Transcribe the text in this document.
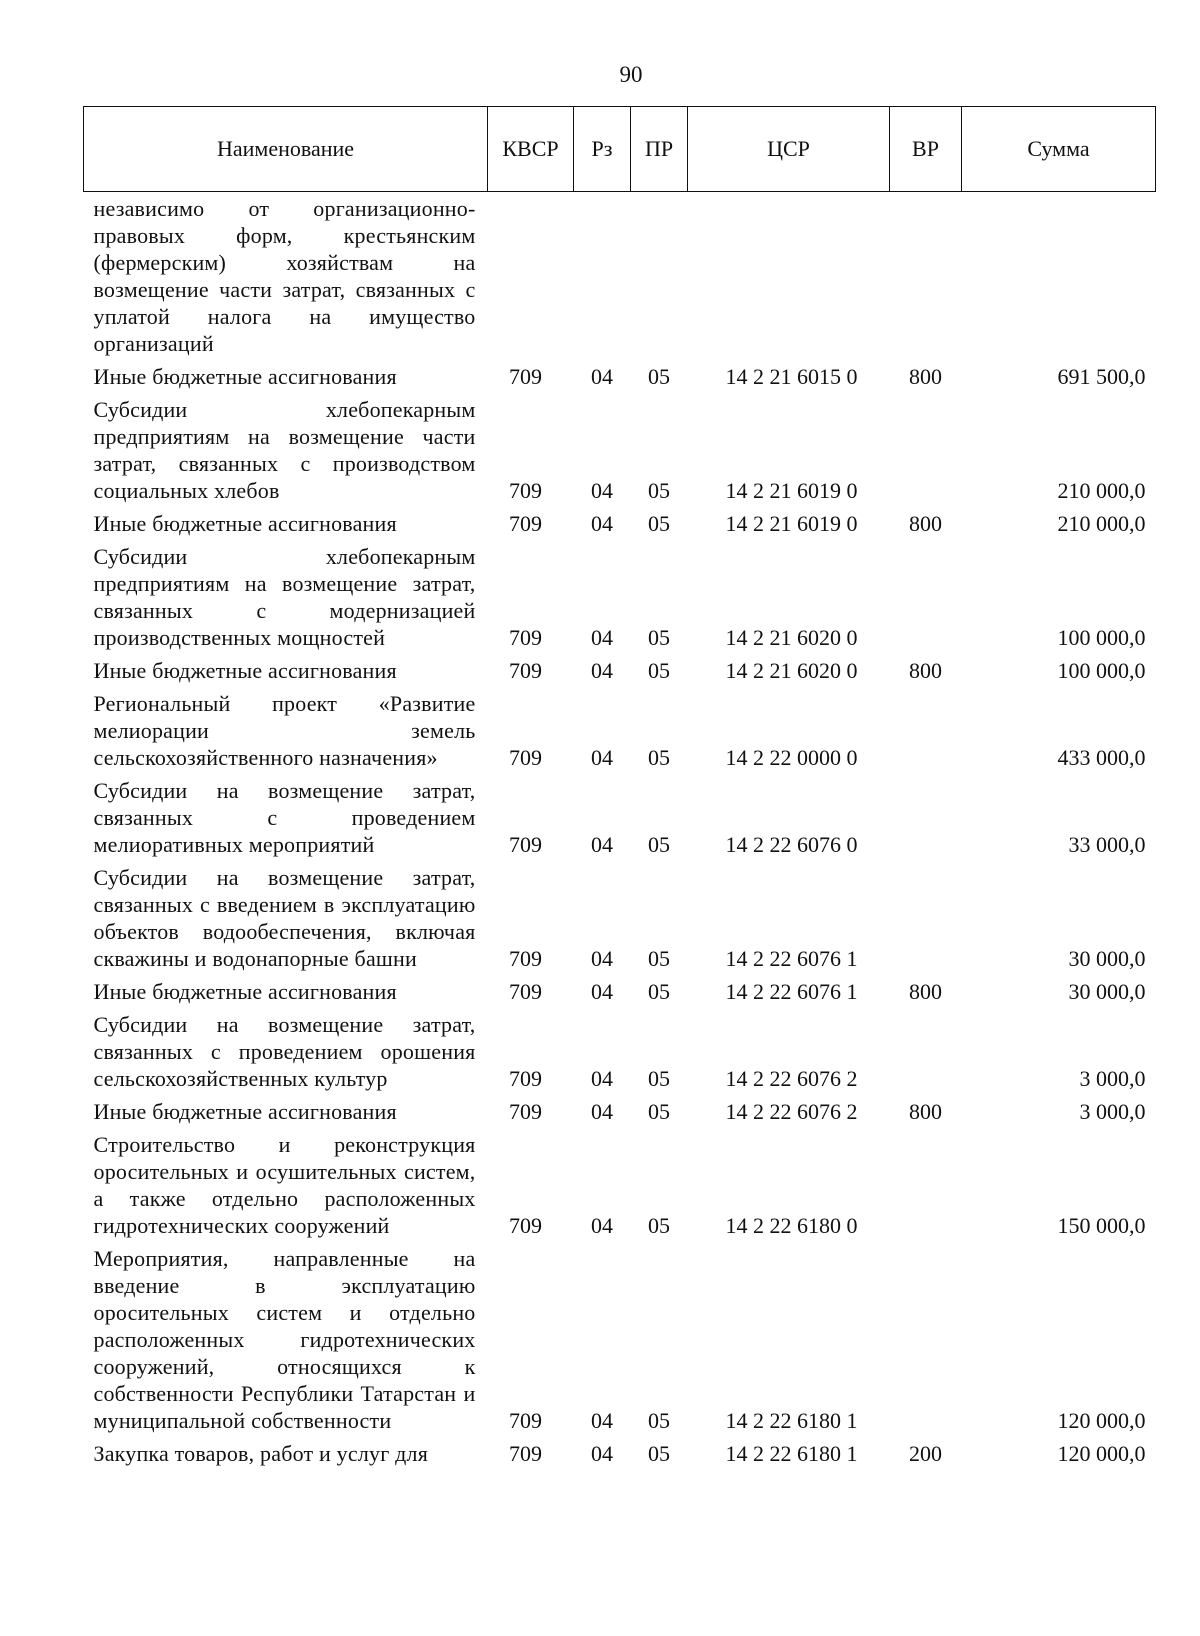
90
Наименование	КВСР	Рз	ПР	ЦСР	ВР	Сумма
независимо от организационно-правовых форм, крестьянским (фермерским) хозяйствам на возмещение части затрат, связанных с уплатой налога на имущество организаций						
Иные бюджетные ассигнования	709	04	05	14 2 21 6015 0	800	691 500,0
Субсидии хлебопекарным предприятиям на возмещение части затрат, связанных с производством социальных хлебов	709	04	05	14 2 21 6019 0		210 000,0
Иные бюджетные ассигнования	709	04	05	14 2 21 6019 0	800	210 000,0
Субсидии хлебопекарным предприятиям на возмещение затрат, связанных с модернизацией производственных мощностей	709	04	05	14 2 21 6020 0		100 000,0
Иные бюджетные ассигнования	709	04	05	14 2 21 6020 0	800	100 000,0
Региональный проект «Развитие мелиорации земель сельскохозяйственного назначения»	709	04	05	14 2 22 0000 0		433 000,0
Субсидии на возмещение затрат, связанных с проведением мелиоративных мероприятий	709	04	05	14 2 22 6076 0		33 000,0
Субсидии на возмещение затрат, связанных с введением в эксплуатацию объектов водообеспечения, включая скважины и водонапорные башни	709	04	05	14 2 22 6076 1		30 000,0
Иные бюджетные ассигнования	709	04	05	14 2 22 6076 1	800	30 000,0
Субсидии на возмещение затрат, связанных с проведением орошения сельскохозяйственных культур	709	04	05	14 2 22 6076 2		3 000,0
Иные бюджетные ассигнования	709	04	05	14 2 22 6076 2	800	3 000,0
Строительство и реконструкция оросительных и осушительных систем, а также отдельно расположенных гидротехнических сооружений	709	04	05	14 2 22 6180 0		150 000,0
Мероприятия, направленные на введение в эксплуатацию оросительных систем и отдельно расположенных гидротехнических сооружений, относящихся к собственности Республики Татарстан и муниципальной собственности	709	04	05	14 2 22 6180 1		120 000,0
Закупка товаров, работ и услуг для	709	04	05	14 2 22 6180 1	200	120 000,0
